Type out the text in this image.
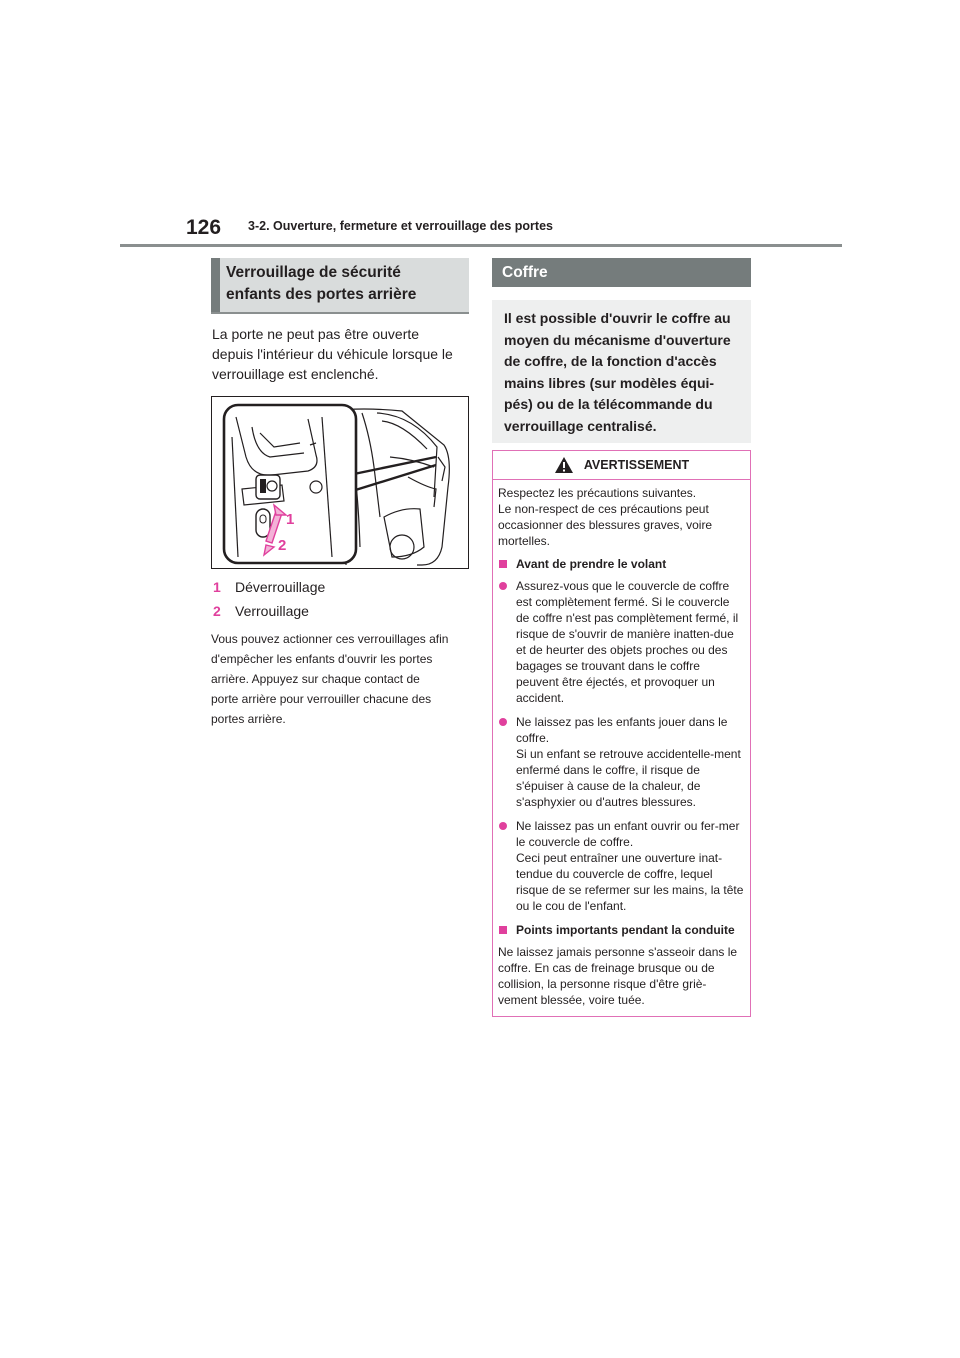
126 3-2. Ouverture, fermeture et verrouillage des portes
Verrouillage de sécurité
enfants des portes arrière
La porte ne peut pas être ouverte
depuis l'intérieur du véhicule lorsque le
verrouillage est enclenché.
1
2
1	Déverrouillage
2	Verrouillage
Vous pouvez actionner ces verrouillages afin
d'empêcher les enfants d'ouvrir les portes
arrière. Appuyez sur chaque contact de
porte arrière pour verrouiller chacune des
portes arrière.
Coffre
Il est possible d'ouvrir le coffre au
moyen du mécanisme d'ouverture
de coffre, de la fonction d'accès
mains libres (sur modèles équi-
pés) ou de la télécommande du
verrouillage centralisé.
AVERTISSEMENT

Respectez les précautions suivantes.
Le non-respect de ces précautions peut occasionner des blessures graves, voire mortelles.

Avant de prendre le volant
Assurez-vous que le couvercle de coffre est complètement fermé. Si le couvercle de coffre n'est pas complètement fermé, il risque de s'ouvrir de manière inatten-due et de heurter des objets proches ou des bagages se trouvant dans le coffre peuvent être éjectés, et provoquer un accident.
Ne laissez pas les enfants jouer dans le coffre.
Si un enfant se retrouve accidentelle-ment enfermé dans le coffre, il risque de s'épuiser à cause de la chaleur, de s'asphyxier ou d'autres blessures.
Ne laissez pas un enfant ouvrir ou fer-mer le couvercle de coffre.
Ceci peut entraîner une ouverture inat-tendue du couvercle de coffre, lequel risque de se refermer sur les mains, la tête ou le cou de l'enfant.
Points importants pendant la conduite

Ne laissez jamais personne s'asseoir dans le coffre. En cas de freinage brusque ou de collision, la personne risque d'être griè-vement blessée, voire tuée.
